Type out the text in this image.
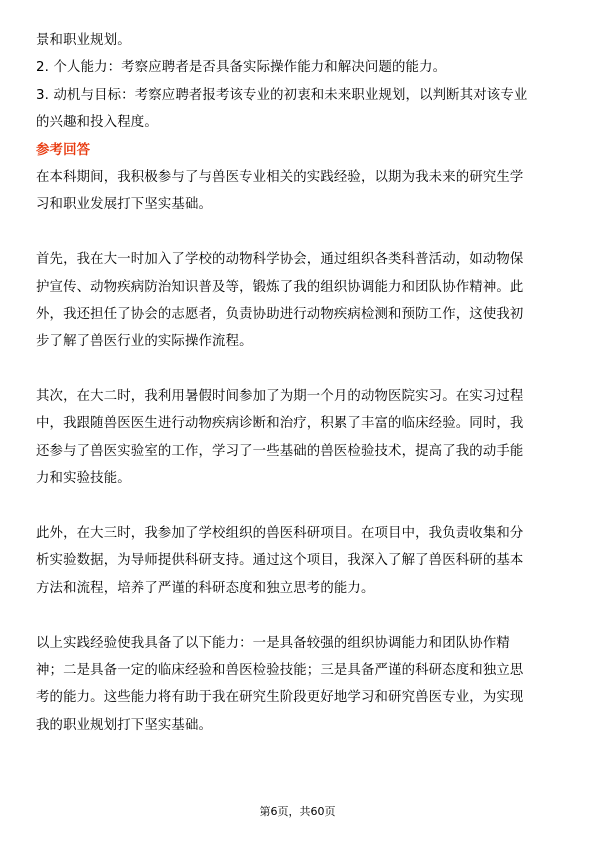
景和职业规划。
2. 个人能力：考察应聘者是否具备实际操作能力和解决问题的能力。
3. 动机与目标：考察应聘者报考该专业的初衷和未来职业规划，以判断其对该专业
的兴趣和投入程度。
参考回答
在本科期间，我积极参与了与兽医专业相关的实践经验，以期为我未来的研究生学
习和职业发展打下坚实基础。
首先，我在大一时加入了学校的动物科学协会，通过组织各类科普活动，如动物保
护宣传、动物疾病防治知识普及等，锻炼了我的组织协调能力和团队协作精神。此
外，我还担任了协会的志愿者，负责协助进行动物疾病检测和预防工作，这使我初
步了解了兽医行业的实际操作流程。
其次，在大二时，我利用暑假时间参加了为期一个月的动物医院实习。在实习过程
中，我跟随兽医医生进行动物疾病诊断和治疗，积累了丰富的临床经验。同时，我
还参与了兽医实验室的工作，学习了一些基础的兽医检验技术，提高了我的动手能
力和实验技能。
此外，在大三时，我参加了学校组织的兽医科研项目。在项目中，我负责收集和分
析实验数据，为导师提供科研支持。通过这个项目，我深入了解了兽医科研的基本
方法和流程，培养了严谨的科研态度和独立思考的能力。
以上实践经验使我具备了以下能力：一是具备较强的组织协调能力和团队协作精
神；二是具备一定的临床经验和兽医检验技能；三是具备严谨的科研态度和独立思
考的能力。这些能力将有助于我在研究生阶段更好地学习和研究兽医专业，为实现
我的职业规划打下坚实基础。
第6页，共60页
